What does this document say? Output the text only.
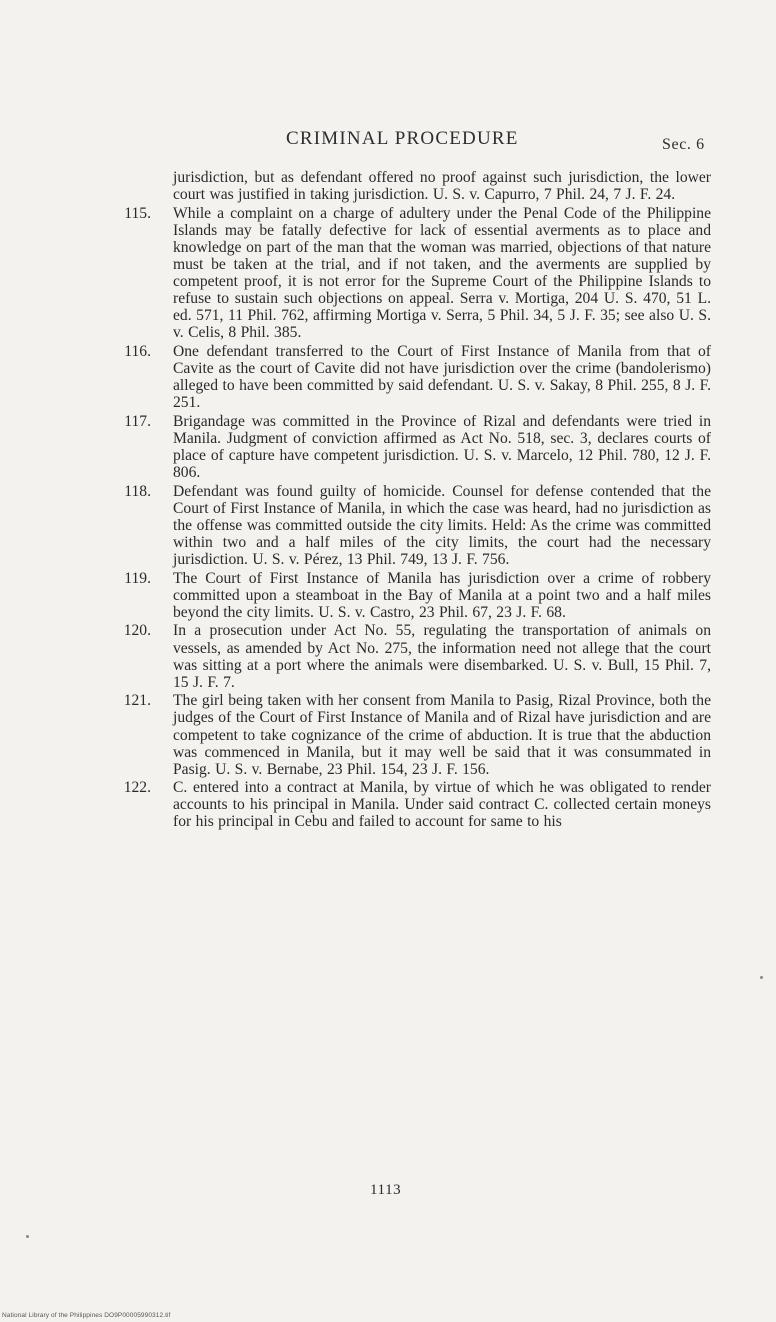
CRIMINAL PROCEDURE	Sec. 6
jurisdiction, but as defendant offered no proof against such jurisdiction, the lower court was justified in taking jurisdiction. U. S. v. Capurro, 7 Phil. 24, 7 J. F. 24.
115. While a complaint on a charge of adultery under the Penal Code of the Philippine Islands may be fatally defective for lack of essential averments as to place and knowledge on part of the man that the woman was married, objections of that nature must be taken at the trial, and if not taken, and the averments are supplied by competent proof, it is not error for the Supreme Court of the Philippine Islands to refuse to sustain such objections on appeal. Serra v. Mortiga, 204 U. S. 470, 51 L. ed. 571, 11 Phil. 762, affirming Mortiga v. Serra, 5 Phil. 34, 5 J. F. 35; see also U. S. v. Celis, 8 Phil. 385.
116. One defendant transferred to the Court of First Instance of Manila from that of Cavite as the court of Cavite did not have jurisdiction over the crime (bandolerismo) alleged to have been committed by said defendant. U. S. v. Sakay, 8 Phil. 255, 8 J. F. 251.
117. Brigandage was committed in the Province of Rizal and defendants were tried in Manila. Judgment of conviction affirmed as Act No. 518, sec. 3, declares courts of place of capture have competent jurisdiction. U. S. v. Marcelo, 12 Phil. 780, 12 J. F. 806.
118. Defendant was found guilty of homicide. Counsel for defense contended that the Court of First Instance of Manila, in which the case was heard, had no jurisdiction as the offense was committed outside the city limits. Held: As the crime was committed within two and a half miles of the city limits, the court had the necessary jurisdiction. U. S. v. Pérez, 13 Phil. 749, 13 J. F. 756.
119. The Court of First Instance of Manila has jurisdiction over a crime of robbery committed upon a steamboat in the Bay of Manila at a point two and a half miles beyond the city limits. U. S. v. Castro, 23 Phil. 67, 23 J. F. 68.
120. In a prosecution under Act No. 55, regulating the transportation of animals on vessels, as amended by Act No. 275, the information need not allege that the court was sitting at a port where the animals were disembarked. U. S. v. Bull, 15 Phil. 7, 15 J. F. 7.
121. The girl being taken with her consent from Manila to Pasig, Rizal Province, both the judges of the Court of First Instance of Manila and of Rizal have jurisdiction and are competent to take cognizance of the crime of abduction. It is true that the abduction was commenced in Manila, but it may well be said that it was consummated in Pasig. U. S. v. Bernabe, 23 Phil. 154, 23 J. F. 156.
122. C. entered into a contract at Manila, by virtue of which he was obligated to render accounts to his principal in Manila. Under said contract C. collected certain moneys for his principal in Cebu and failed to account for same to his
1113
National Library of the Philippines DO9P00005990312.tif
